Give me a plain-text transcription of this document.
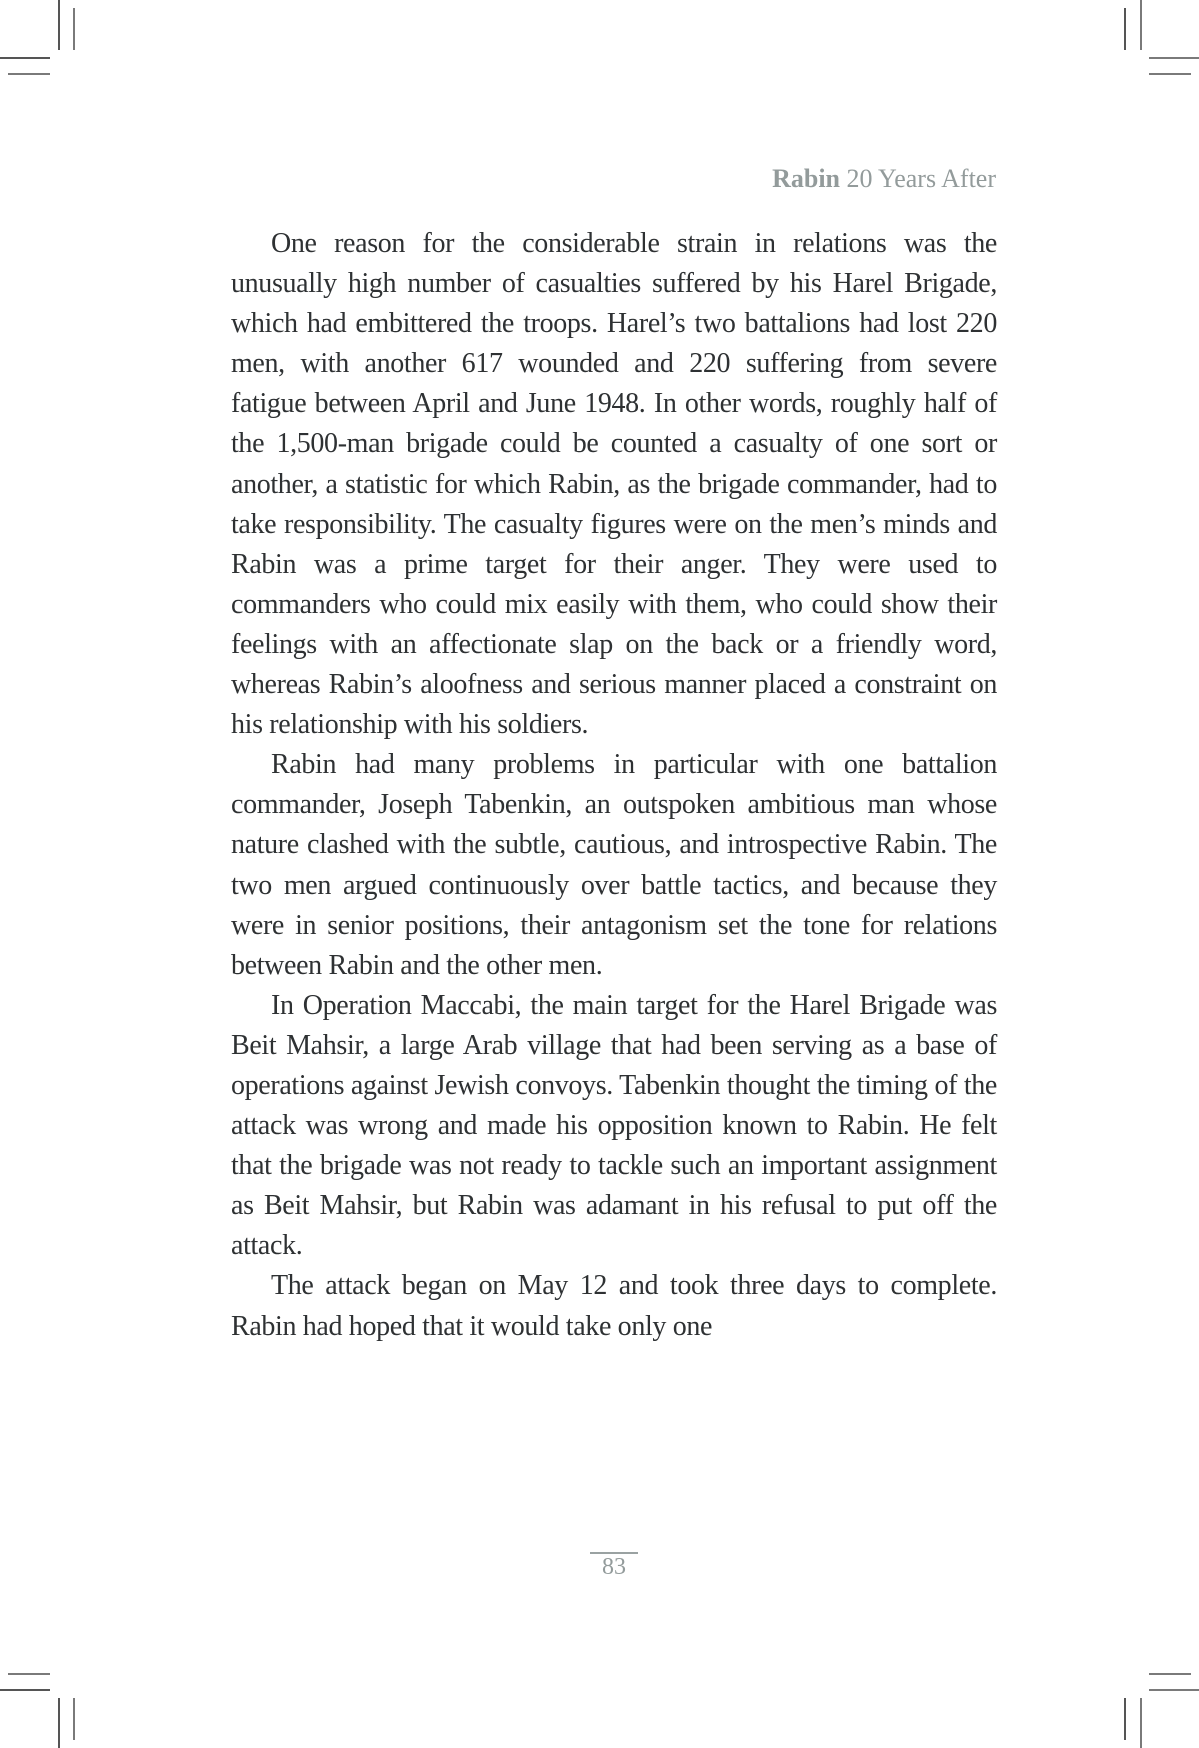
Rabin 20 Years After

One reason for the considerable strain in relations was the unusually high number of casualties suffered by his Harel Brigade, which had embittered the troops. Harel’s two battalions had lost 220 men, with another 617 wounded and 220 suffering from severe fatigue between April and June 1948. In other words, roughly half of the 1,500-man brigade could be counted a casualty of one sort or another, a statistic for which Rabin, as the brigade commander, had to take responsibility. The casualty figures were on the men’s minds and Rabin was a prime target for their anger. They were used to commanders who could mix easily with them, who could show their feelings with an affectionate slap on the back or a friendly word, whereas Rabin’s aloofness and serious manner placed a constraint on his relationship with his soldiers.

Rabin had many problems in particular with one battalion commander, Joseph Tabenkin, an outspoken ambitious man whose nature clashed with the subtle, cautious, and introspective Rabin. The two men argued continuously over battle tactics, and because they were in senior positions, their antagonism set the tone for relations between Rabin and the other men.

In Operation Maccabi, the main target for the Harel Brigade was Beit Mahsir, a large Arab village that had been serving as a base of operations against Jewish convoys. Tabenkin thought the timing of the attack was wrong and made his opposition known to Rabin. He felt that the brigade was not ready to tackle such an important assignment as Beit Mahsir, but Rabin was adamant in his refusal to put off the attack.

The attack began on May 12 and took three days to complete. Rabin had hoped that it would take only one

83
